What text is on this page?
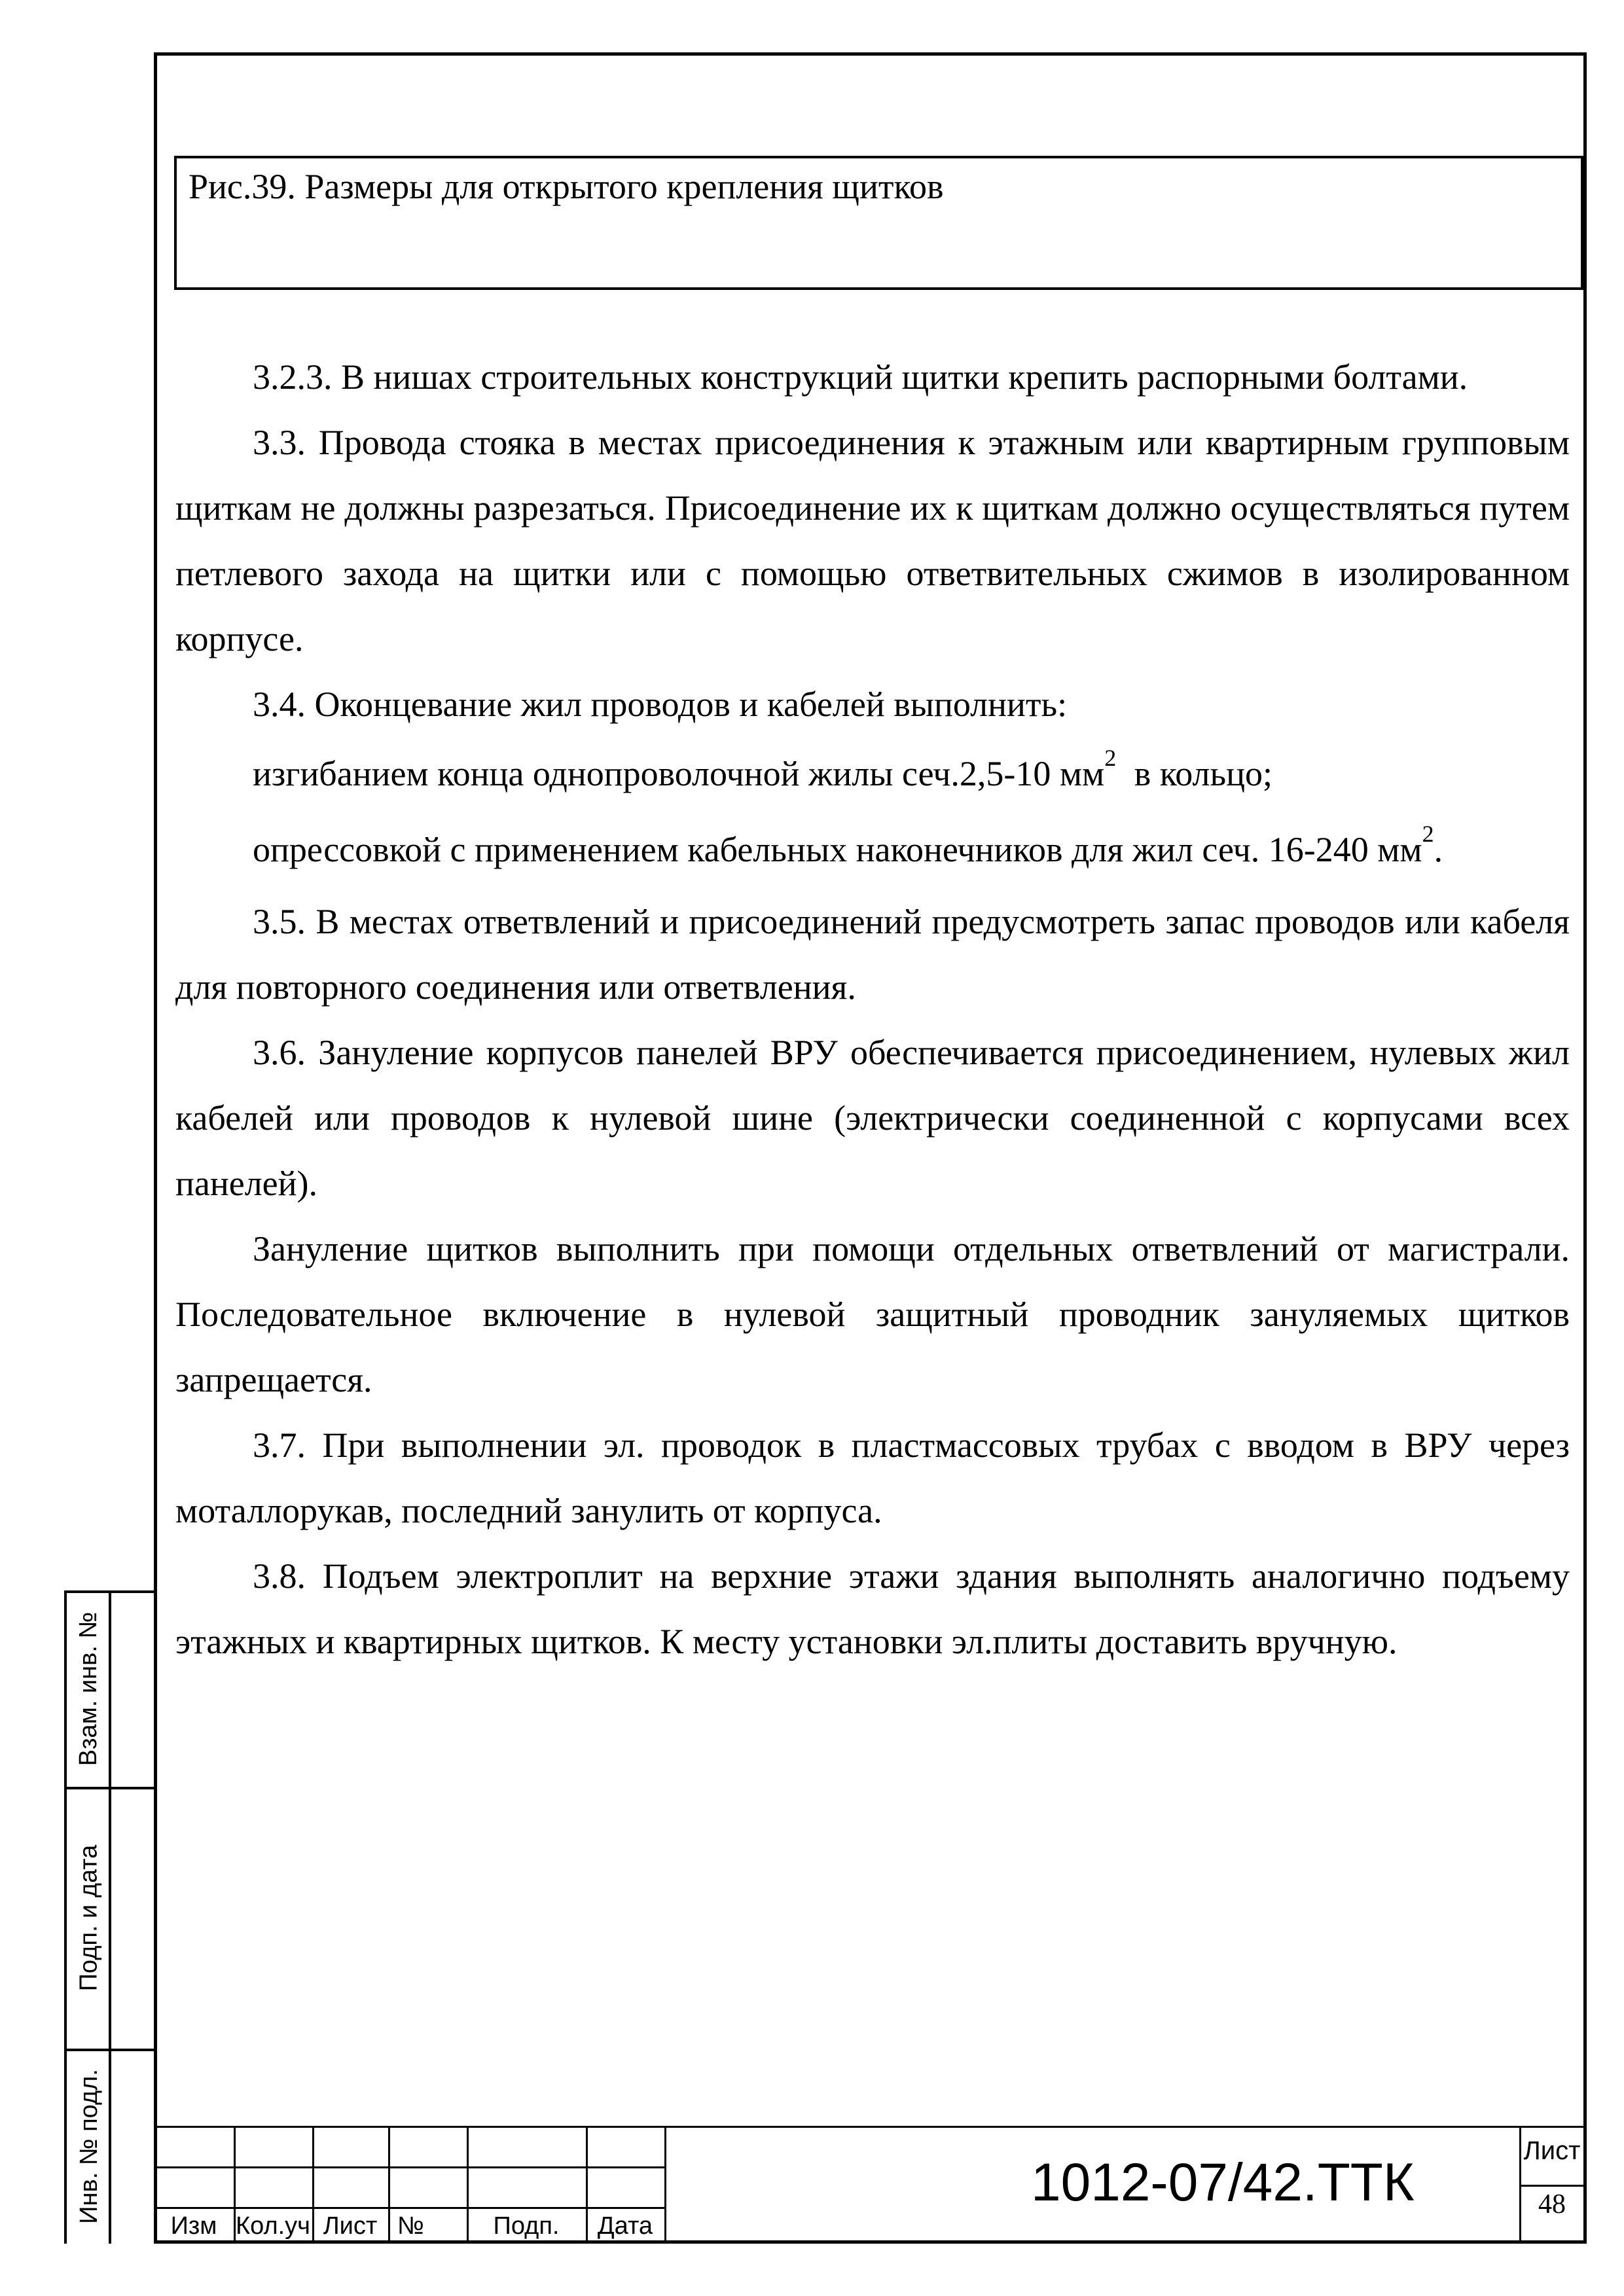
Рис.39. Размеры для открытого крепления щитков

3.2.3. В нишах строительных конструкций щитки крепить распорными болтами.

3.3. Провода стояка в местах присоединения к этажным или квартирным групповым щиткам не должны разрезаться. Присоединение их к щиткам должно осуществляться путем петлевого захода на щитки или с помощью ответвительных сжимов в изолированном корпусе.

3.4. Оконцевание жил проводов и кабелей выполнить:

изгибанием конца однопроволочной жилы сеч.2,5-10 $мм^2$ в кольцо;

опрессовкой с применением кабельных наконечников для жил сеч. 16-240 $мм^2$.

3.5. В местах ответвлений и присоединений предусмотреть запас проводов или кабеля для повторного соединения или ответвления.

3.6. Зануление корпусов панелей ВРУ обеспечивается присоединением, нулевых жил кабелей или проводов к нулевой шине (электрически соединенной с корпусами всех панелей).

Зануление щитков выполнить при помощи отдельных ответвлений от магистрали. Последовательное включение в нулевой защитный проводник зануляемых щитков запрещается.

3.7. При выполнении эл. проводок в пластмассовых трубах с вводом в ВРУ через моталлорукав, последний занулить от корпуса.

3.8. Подъем электроплит на верхние этажи здания выполнять аналогично подъему этажных и квартирных щитков. К месту установки эл.плиты доставить вручную.

Взам. инв. №
Подп. и дата
Инв. № подл.
Изм Кол.уч Лист №	Подп.	Дата
1012-07/42.ТТК
Лист
48
